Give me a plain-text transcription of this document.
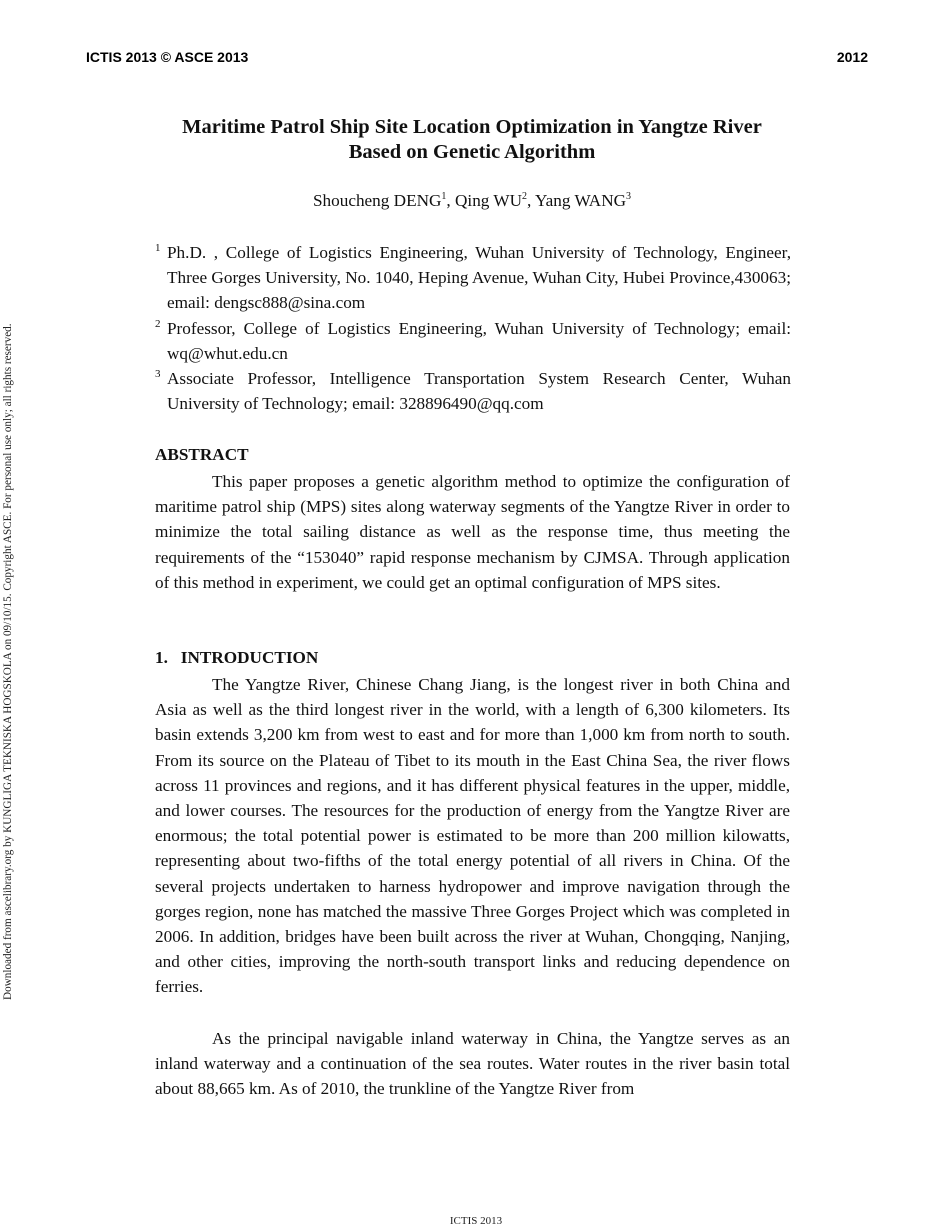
ICTIS 2013 © ASCE 2013	2012
Downloaded from ascelibrary.org by KUNGLIGA TEKNISKA HOGSKOLA on 09/10/15. Copyright ASCE. For personal use only; all rights reserved.
Maritime Patrol Ship Site Location Optimization in Yangtze River
Based on Genetic Algorithm
Shoucheng DENG$^1$, Qing $WU^2$, Yang WANG$^3$
1 Ph.D. , College of Logistics Engineering, Wuhan University of Technology, Engineer, Three Gorges University, No. 1040, Heping Avenue, Wuhan City, Hubei Province,430063; email: dengsc888@sina.com
2 Professor, College of Logistics Engineering, Wuhan University of Technology; email: wq@whut.edu.cn
3 Associate Professor, Intelligence Transportation System Research Center, Wuhan University of Technology; email: 328896490@qq.com
ABSTRACT
This paper proposes a genetic algorithm method to optimize the configuration of maritime patrol ship (MPS) sites along waterway segments of the Yangtze River in order to minimize the total sailing distance as well as the response time, thus meeting the requirements of the “153040” rapid response mechanism by CJMSA. Through application of this method in experiment, we could get an optimal configuration of MPS sites.
1.   INTRODUCTION
The Yangtze River, Chinese Chang Jiang, is the longest river in both China and Asia as well as the third longest river in the world, with a length of 6,300 kilometers. Its basin extends 3,200 km from west to east and for more than 1,000 km from north to south. From its source on the Plateau of Tibet to its mouth in the East China Sea, the river flows across 11 provinces and regions, and it has different physical features in the upper, middle, and lower courses. The resources for the production of energy from the Yangtze River are enormous; the total potential power is estimated to be more than 200 million kilowatts, representing about two-fifths of the total energy potential of all rivers in China. Of the several projects undertaken to harness hydropower and improve navigation through the gorges region, none has matched the massive Three Gorges Project which was completed in 2006. In addition, bridges have been built across the river at Wuhan, Chongqing, Nanjing, and other cities, improving the north-south transport links and reducing dependence on ferries.
As the principal navigable inland waterway in China, the Yangtze serves as an inland waterway and a continuation of the sea routes. Water routes in the river basin total about 88,665 km. As of 2010, the trunkline of the Yangtze River from
ICTIS 2013
